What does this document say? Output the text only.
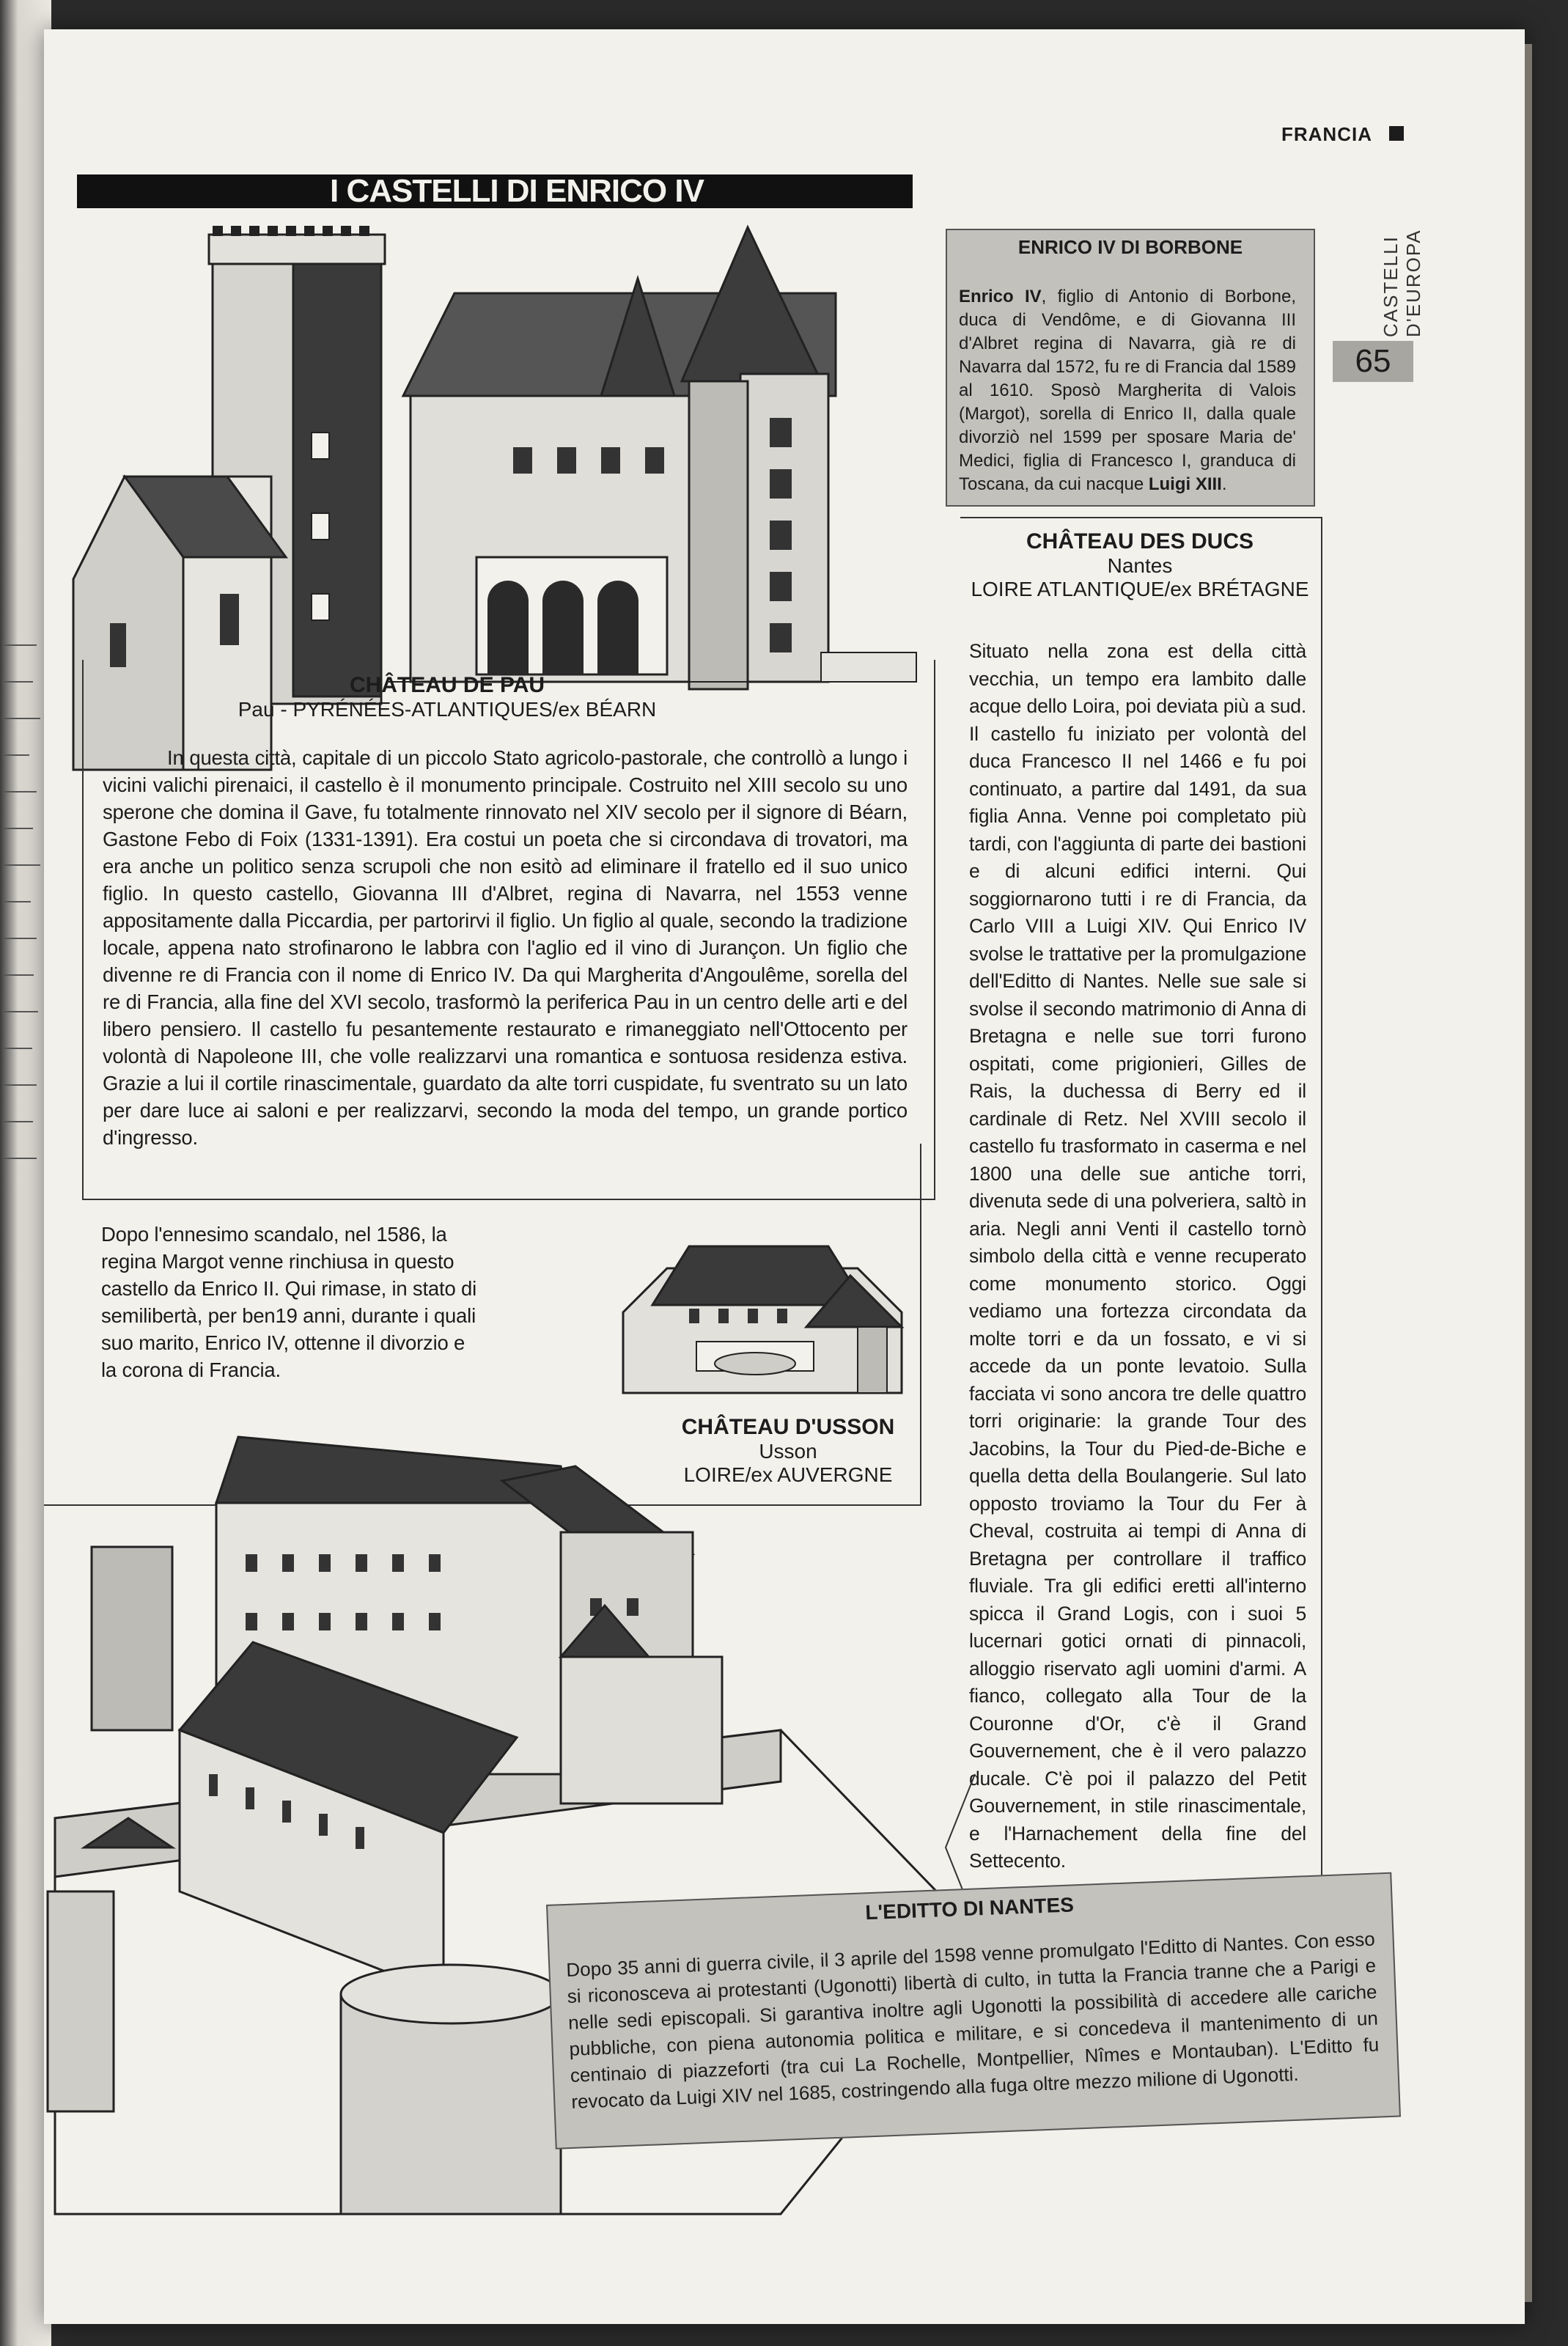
FRANCIA
CASTELLI D'EUROPA
65
I CASTELLI DI ENRICO IV
CHÂTEAU DE PAU
Pau - PYRÉNÉES-ATLANTIQUES/ex BÉARN
In questa città, capitale di un piccolo Stato agricolo-pastorale, che controllò a lungo i vicini valichi pirenaici, il castello è il monumento principale. Costruito nel XIII secolo su uno sperone che domina il Gave, fu totalmente rinnovato nel XIV secolo per il signore di Béarn, Gastone Febo di Foix (1331-1391). Era costui un poeta che si circondava di trovatori, ma era anche un politico senza scrupoli che non esitò ad eliminare il fratello ed il suo unico figlio. In questo castello, Giovanna III d'Albret, regina di Navarra, nel 1553 venne appositamente dalla Piccardia, per partorirvi il figlio. Un figlio al quale, secondo la tradizione locale, appena nato strofinarono le labbra con l'aglio ed il vino di Jurançon. Un figlio che divenne re di Francia con il nome di Enrico IV. Da qui Margherita d'Angoulême, sorella del re di Francia, alla fine del XVI secolo, trasformò la periferica Pau in un centro delle arti e del libero pensiero. Il castello fu pesantemente restaurato e rimaneggiato nell'Ottocento per volontà di Napoleone III, che volle realizzarvi una romantica e sontuosa residenza estiva. Grazie a lui il cortile rinascimentale, guardato da alte torri cuspidate, fu sventrato su un lato per dare luce ai saloni e per realizzarvi, secondo la moda del tempo, un grande portico d'ingresso.
Dopo l'ennesimo scandalo, nel 1586, la regina Margot venne rinchiusa in questo castello da Enrico II. Qui rimase, in stato di semilibertà, per ben19 anni, durante i quali suo marito, Enrico IV, ottenne il divorzio e la corona di Francia.
CHÂTEAU D'USSON
Usson
LOIRE/ex AUVERGNE
ENRICO IV DI BORBONE
Enrico IV, figlio di Antonio di Borbone, duca di Vendôme, e di Giovanna III d'Albret regina di Navarra, già re di Navarra dal 1572, fu re di Francia dal 1589 al 1610. Sposò Margherita di Valois (Margot), sorella di Enrico II, dalla quale divorziò nel 1599 per sposare Maria de' Medici, figlia di Francesco I, granduca di Toscana, da cui nacque Luigi XIII.
CHÂTEAU DES DUCS
Nantes
LOIRE ATLANTIQUE/ex BRÉTAGNE
Situato nella zona est della città vecchia, un tempo era lambito dalle acque dello Loira, poi deviata più a sud. Il castello fu iniziato per volontà del duca Francesco II nel 1466 e fu poi continuato, a partire dal 1491, da sua figlia Anna. Venne poi completato più tardi, con l'aggiunta di parte dei bastioni e di alcuni edifici interni. Qui soggiornarono tutti i re di Francia, da Carlo VIII a Luigi XIV. Qui Enrico IV svolse le trattative per la promulgazione dell'Editto di Nantes. Nelle sue sale si svolse il secondo matrimonio di Anna di Bretagna e nelle sue torri furono ospitati, come prigionieri, Gilles de Rais, la duchessa di Berry ed il cardinale di Retz. Nel XVIII secolo il castello fu trasformato in caserma e nel 1800 una delle sue antiche torri, divenuta sede di una polveriera, saltò in aria. Negli anni Venti il castello tornò simbolo della città e venne recuperato come monumento storico. Oggi vediamo una fortezza circondata da molte torri e da un fossato, e vi si accede da un ponte levatoio. Sulla facciata vi sono ancora tre delle quattro torri originarie: la grande Tour des Jacobins, la Tour du Pied-de-Biche e quella detta della Boulangerie. Sul lato opposto troviamo la Tour du Fer à Cheval, costruita ai tempi di Anna di Bretagna per controllare il traffico fluviale. Tra gli edifici eretti all'interno spicca il Grand Logis, con i suoi 5 lucernari gotici ornati di pinnacoli, alloggio riservato agli uomini d'armi. A fianco, collegato alla Tour de la Couronne d'Or, c'è il Grand Gouvernement, che è il vero palazzo ducale. C'è poi il palazzo del Petit Gouvernement, in stile rinascimentale, e l'Harnachement della fine del Settecento.
L'EDITTO DI NANTES
Dopo 35 anni di guerra civile, il 3 aprile del 1598 venne promulgato l'Editto di Nantes. Con esso si riconosceva ai protestanti (Ugonotti) libertà di culto, in tutta la Francia tranne che a Parigi e nelle sedi episcopali. Si garantiva inoltre agli Ugonotti la possibilità di accedere alle cariche pubbliche, con piena autonomia politica e militare, e si concedeva il mantenimento di un centinaio di piazzeforti (tra cui La Rochelle, Montpellier, Nîmes e Montauban). L'Editto fu revocato da Luigi XIV nel 1685, costringendo alla fuga oltre mezzo milione di Ugonotti.
